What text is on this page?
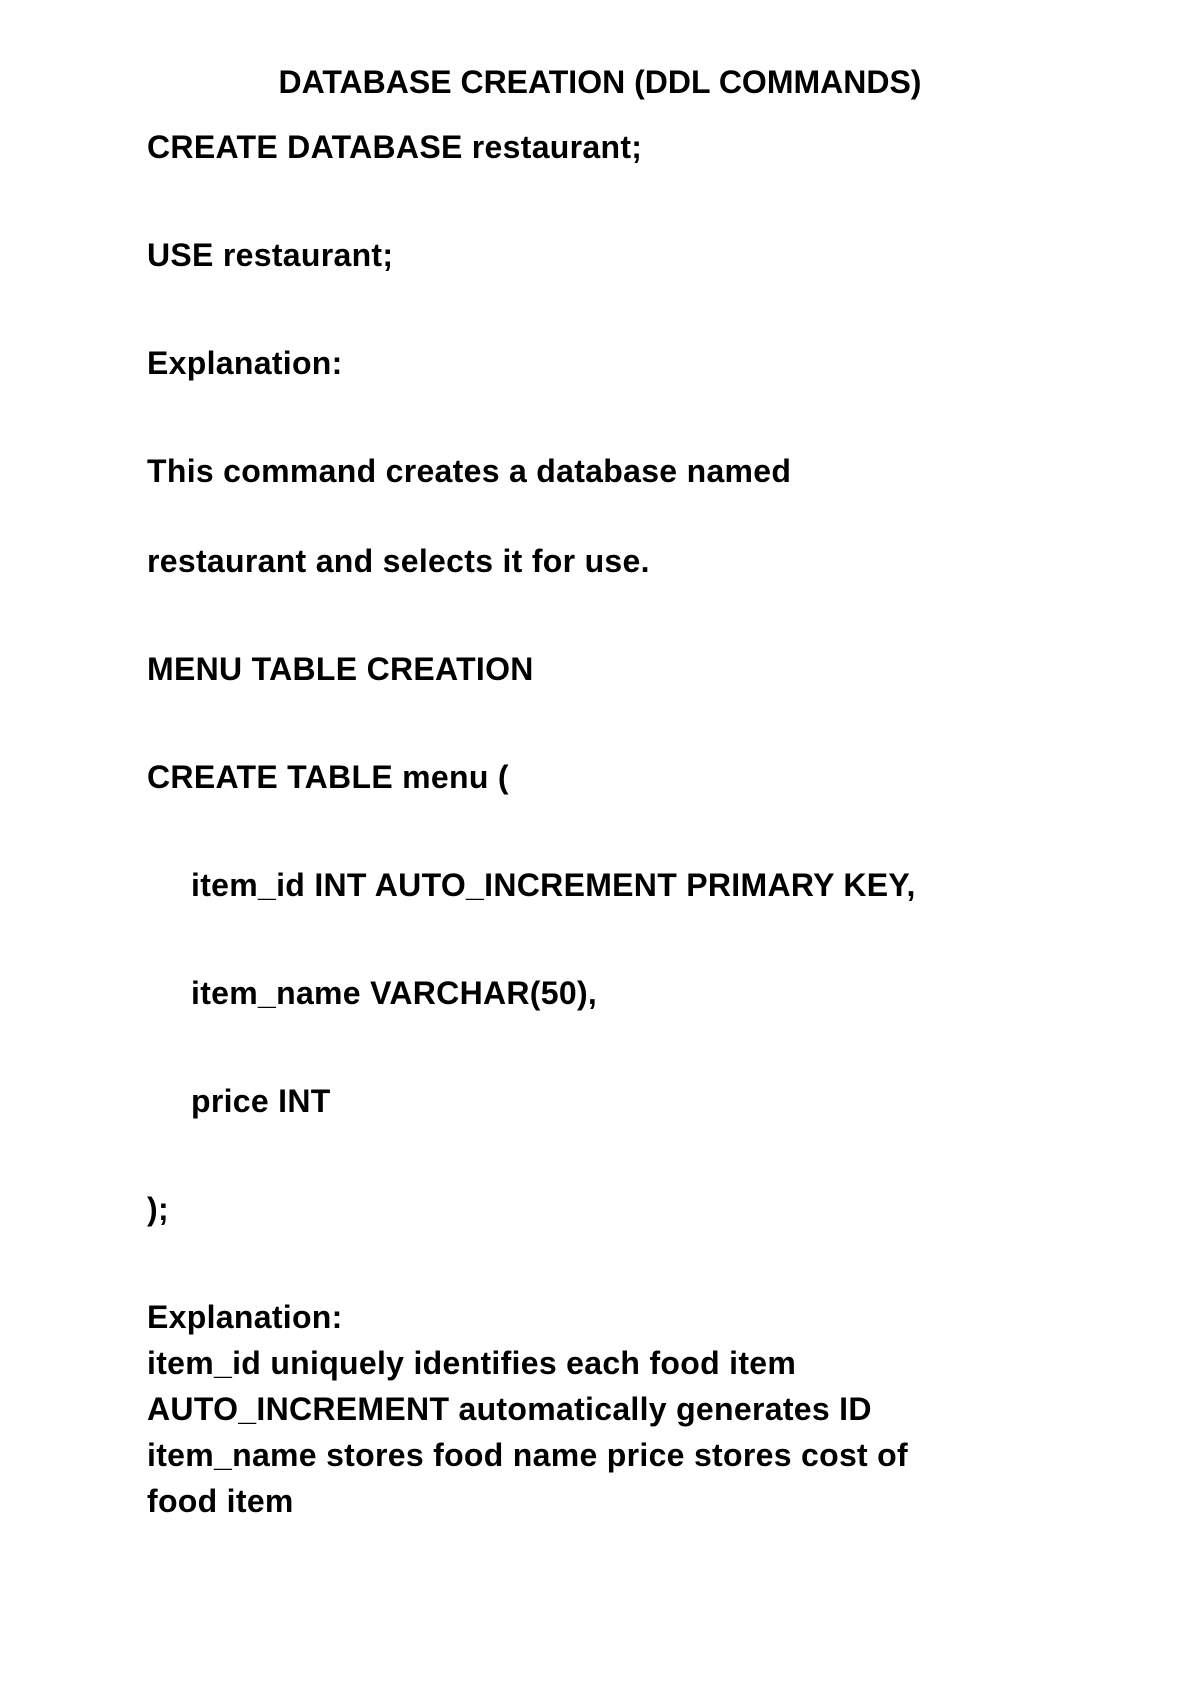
DATABASE CREATION (DDL COMMANDS)
CREATE DATABASE restaurant;
USE restaurant;
Explanation:
This command creates a database named
restaurant and selects it for use.
MENU TABLE CREATION
CREATE TABLE menu (
item_id INT AUTO_INCREMENT PRIMARY KEY,
item_name VARCHAR(50),
price INT
);
Explanation:
item_id uniquely identifies each food item
AUTO_INCREMENT automatically generates ID
item_name stores food name price stores cost of
food item
